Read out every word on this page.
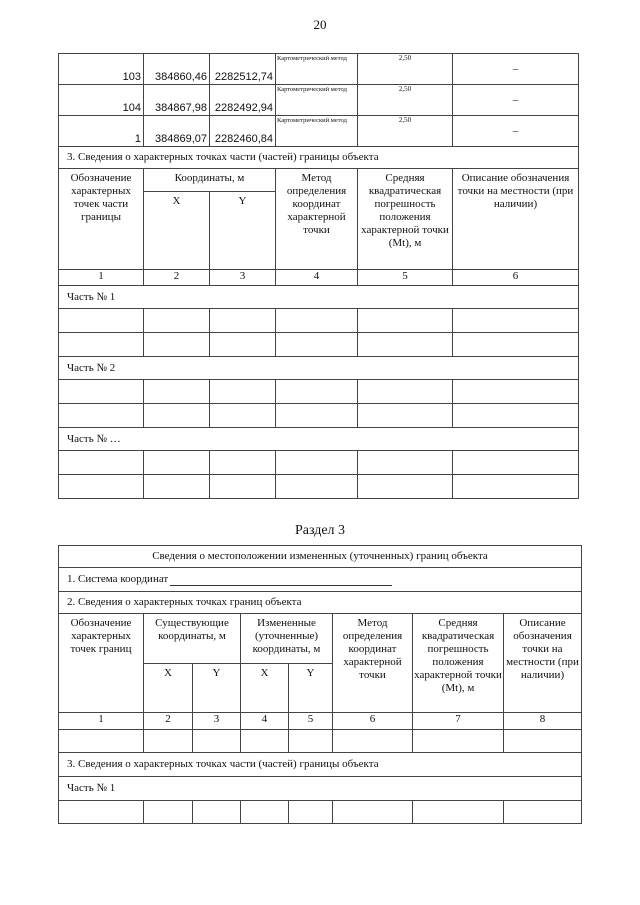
20
103	384860,46	2282512,74	Картометрический метод	2,50	–
104	384867,98	2282492,94	Картометрический метод	2,50	–
1	384869,07	2282460,84	Картометрический метод	2,50	–
3. Сведения о характерных точках части (частей) границы объекта					
Обозначение характерных точек части границы	Координаты, м		Метод определения координат характерной точки	Средняя квадратическая погрешность положения характерной точки (Mt), м	Описание обозначения точки на местности (при наличии)
	X	Y			
1	2	3	4	5	6
Часть № 1					

Часть № 2					

Часть № …					

Раздел 3
Сведения о местоположении измененных (уточненных) границ объекта							
1. Система координат							
2. Сведения о характерных точках границ объекта							
Обозначение характерных точек границ	Существующие координаты, м		Измененные (уточненные) координаты, м		Метод определения координат характерной точки	Средняя квадратическая погрешность положения характерной точки (Mt), м	Описание обозначения точки на местности (при наличии)
	X	Y	X	Y			
1	2	3	4	5	6	7	8

3. Сведения о характерных точках части (частей) границы объекта							
Часть № 1							
